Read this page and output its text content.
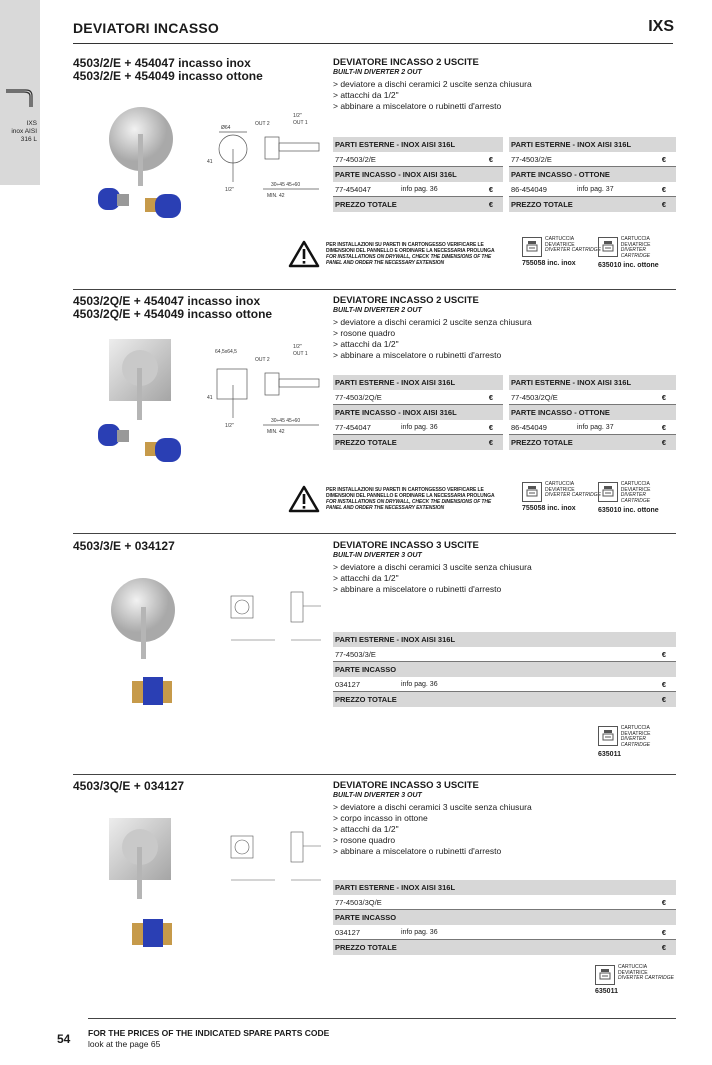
IXS
inox AISI
316 L
DEVIATORI INCASSO	IXS
4503/2/E + 454047 incasso inox
4503/2/E + 454049 incasso ottone
Ø64
1/2"
OUT 1
OUT 2
41
1/2"
30÷45 45÷60
MIN. 42
DEVIATORE INCASSO 2 USCITE
BUILT-IN DIVERTER 2 OUT
> deviatore a dischi ceramici 2 uscite senza chiusura
> attacchi da 1/2"
> abbinare a miscelatore o rubinetti d'arresto
PARTI ESTERNE - INOX AISI 316L
77-4503/2/E	€
PARTE INCASSO - INOX AISI 316L
77-454047	info pag. 36	€
PREZZO TOTALE	€
PARTI ESTERNE - INOX AISI 316L
77-4503/2/E	€
PARTE INCASSO - OTTONE
86-454049	info pag. 37	€
PREZZO TOTALE	€
PER INSTALLAZIONI SU PARETI IN CARTONGESSO VERIFICARE LE DIMENSIONI DEL PANNELLO E ORDINARE LA NECESSARIA PROLUNGA
FOR INSTALLATIONS ON DRYWALL, CHECK THE DIMENSIONS OF THE PANEL AND ORDER THE NECESSARY EXTENSION
CARTUCCIA
DEVIATRICE
DIVERTER CARTRIDGE
755058 inc. inox
CARTUCCIA
DEVIATRICE
DIVERTER CARTRIDGE
635010 inc. ottone
4503/2Q/E + 454047 incasso inox
4503/2Q/E + 454049 incasso ottone
64,5x64,5
1/2"
OUT 1
OUT 2
41
1/2"
30÷45 45÷60
MIN. 42
DEVIATORE INCASSO 2 USCITE
BUILT-IN DIVERTER 2 OUT
> deviatore a dischi ceramici 2 uscite senza chiusura
> rosone quadro
> attacchi da 1/2"
> abbinare a miscelatore o rubinetti d'arresto
PARTI ESTERNE - INOX AISI 316L
77-4503/2Q/E	€
PARTE INCASSO - INOX AISI 316L
77-454047	info pag. 36	€
PREZZO TOTALE	€
PARTI ESTERNE - INOX AISI 316L
77-4503/2Q/E	€
PARTE INCASSO - OTTONE
86-454049	info pag. 37	€
PREZZO TOTALE	€
PER INSTALLAZIONI SU PARETI IN CARTONGESSO VERIFICARE LE DIMENSIONI DEL PANNELLO E ORDINARE LA NECESSARIA PROLUNGA
FOR INSTALLATIONS ON DRYWALL, CHECK THE DIMENSIONS OF THE PANEL AND ORDER THE NECESSARY EXTENSION
CARTUCCIA
DEVIATRICE
DIVERTER CARTRIDGE
755058 inc. inox
CARTUCCIA
DEVIATRICE
DIVERTER CARTRIDGE
635010 inc. ottone
4503/3/E + 034127	DEVIATORE INCASSO 3 USCITE
BUILT-IN DIVERTER 3 OUT
> deviatore a dischi ceramici 3 uscite senza chiusura
> attacchi da 1/2"
> abbinare a miscelatore o rubinetti d'arresto
PARTI ESTERNE - INOX AISI 316L
77-4503/3/E	€
PARTE INCASSO
034127	info pag. 36	€
PREZZO TOTALE	€
CARTUCCIA
DEVIATRICE
DIVERTER CARTRIDGE
635011
4503/3Q/E + 034127	DEVIATORE INCASSO 3 USCITE
BUILT-IN DIVERTER 3 OUT
> deviatore a dischi ceramici 3 uscite senza chiusura
> corpo incasso in ottone
> attacchi da 1/2"
> rosone quadro
> abbinare a miscelatore o rubinetti d'arresto
PARTI ESTERNE - INOX AISI 316L
77-4503/3Q/E	€
PARTE INCASSO
034127	info pag. 36	€
PREZZO TOTALE	€
CARTUCCIA
DEVIATRICE
DIVERTER CARTRIDGE
635011
54 FOR THE PRICES OF THE INDICATED SPARE PARTS CODE
look at the page 65
